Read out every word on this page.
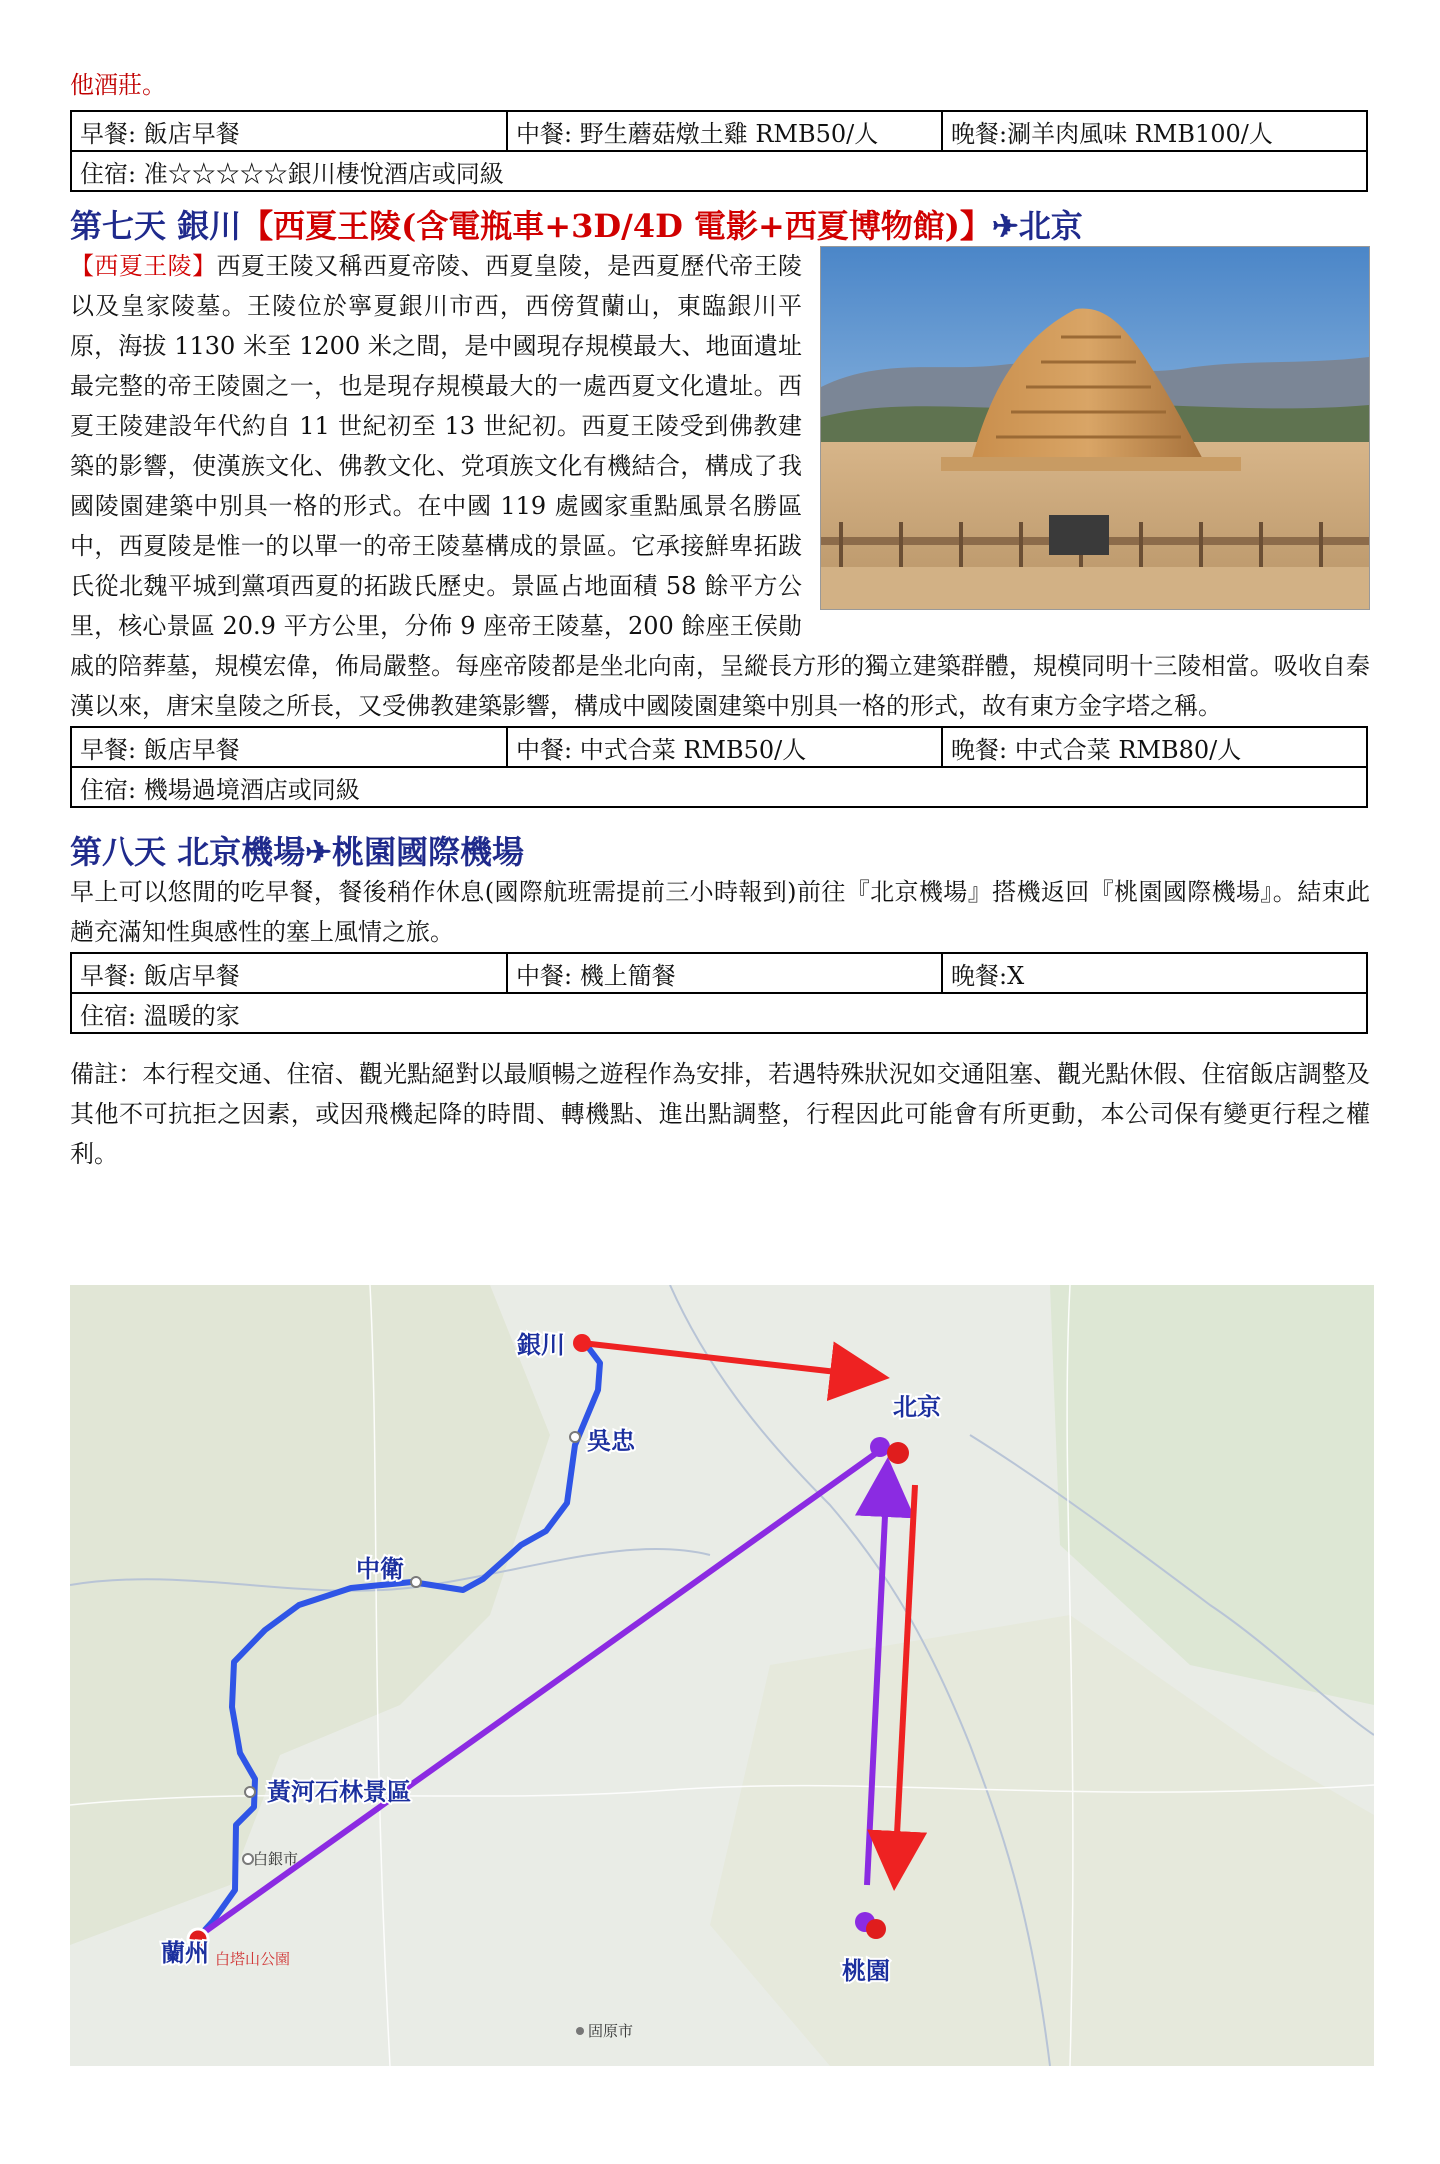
他酒莊。
早餐: 飯店早餐	中餐: 野生蘑菇燉土雞 RMB50/人	晚餐:涮羊肉風味 RMB100/人
住宿: 准☆☆☆☆☆銀川棲悅酒店或同級
第七天 銀川【西夏王陵(含電瓶車+3D/4D 電影+西夏博物館)】✈北京
【西夏王陵】西夏王陵又稱西夏帝陵、西夏皇陵，是西夏歷代帝王陵以及皇家陵墓。王陵位於寧夏銀川市西，西傍賀蘭山，東臨銀川平原，海拔 1130 米至 1200 米之間，是中國現存規模最大、地面遺址最完整的帝王陵園之一，也是現存規模最大的一處西夏文化遺址。西夏王陵建設年代約自 11 世紀初至 13 世紀初。西夏王陵受到佛教建築的影響，使漢族文化、佛教文化、党項族文化有機結合，構成了我國陵園建築中別具一格的形式。在中國 119 處國家重點風景名勝區中，西夏陵是惟一的以單一的帝王陵墓構成的景區。它承接鮮卑拓跋氏從北魏平城到黨項西夏的拓跋氏歷史。景區占地面積 58 餘平方公里，核心景區 20.9 平方公里，分佈 9 座帝王陵墓，200 餘座王侯勛戚的陪葬墓，規模宏偉，佈局嚴整。每座帝陵都是坐北向南，呈縱長方形的獨立建築群體，規模同明十三陵相當。吸收自秦漢以來，唐宋皇陵之所長，又受佛教建築影響，構成中國陵園建築中別具一格的形式，故有東方金字塔之稱。
早餐: 飯店早餐	中餐: 中式合菜 RMB50/人	晚餐: 中式合菜 RMB80/人
住宿: 機場過境酒店或同級
第八天 北京機場✈桃園國際機場
早上可以悠閒的吃早餐，餐後稍作休息(國際航班需提前三小時報到)前往『北京機場』搭機返回『桃園國際機場』。結束此趟充滿知性與感性的塞上風情之旅。
早餐: 飯店早餐	中餐: 機上簡餐	晚餐:X
住宿: 溫暖的家
備註：本行程交通、住宿、觀光點絕對以最順暢之遊程作為安排，若遇特殊狀況如交通阻塞、觀光點休假、住宿飯店調整及其他不可抗拒之因素，或因飛機起降的時間、轉機點、進出點調整，行程因此可能會有所更動，本公司保有變更行程之權利。
銀川
北京
吳忠
中衛
黃河石林景區
蘭州
桃園
白銀市
固原市
白塔山公園
